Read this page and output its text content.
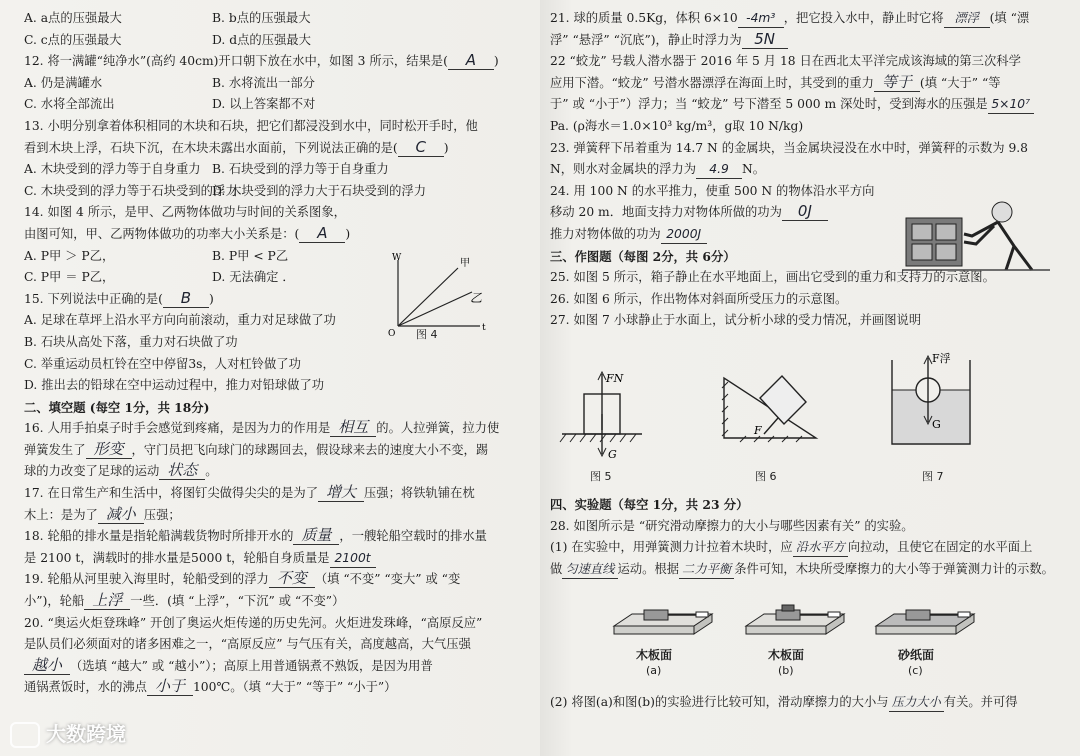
A. a点的压强最大	B. b点的压强最大
C. c点的压强最大	D. d点的压强最大
12. 将一满罐“纯净水”(高约 40cm)开口朝下放在水中，如图 3 所示，结果是( A )
A. 仍是满罐水	B. 水将流出一部分
C. 水将全部流出	D. 以上答案都不对
13. 小明分别拿着体积相同的木块和石块，把它们都浸没到水中，同时松开手时，他
看到木块上浮，石块下沉，在木块未露出水面前，下列说法正确的是( C )
A. 木块受到的浮力等于自身重力 B. 石块受到的浮力等于自身重力
C. 木块受到的浮力等于石块受到的浮力
D. 木块受到的浮力大于石块受到的浮力
14. 如图 4 所示，是甲、乙两物体做功与时间的关系图象，
由图可知，甲、乙两物体做功的功率大小关系是：( A )
A. P甲 ＞ P乙，	B. P甲 < P乙
C. P甲 ＝ P乙，	D. 无法确定 ．
15. 下列说法中正确的是( B )
A. 足球在草坪上沿水平方向向前滚动，重力对足球做了功
B. 石块从高处下落，重力对石块做了功
C. 举重运动员杠铃在空中停留3s，人对杠铃做了功
D. 推出去的铅球在空中运动过程中，推力对铅球做了功
二、填空题 (每空 1分，共 18分)
16. 人用手拍桌子时手会感觉到疼痛，是因为力的作用是 相互 的。人拉弹簧，拉力使
弹簧发生了 形变 ，守门员把飞向球门的球踢回去，假设球来去的速度大小不变，踢
球的力改变了足球的运动 状态 。
17. 在日常生产和生活中，将图钉尖做得尖尖的是为了 增大 压强；将铁轨铺在枕
木上：是为了 减小 压强；
18. 轮船的排水量是指轮船满载货物时所排开水的 质量 ，一艘轮船空载时的排水量
是 2100 t，满载时的排水量是5000 t，轮船自身质量是 2100t
19. 轮船从河里驶入海里时，轮船受到的浮力 不变 （填 “不变” “变大” 或 “变
小”)，轮船 上浮 一些．(填 “上浮”，“下沉” 或 “不变”）
20. “奥运火炬登珠峰” 开创了奥运火炬传递的历史先河。火炬进发珠峰，“高原反应”
是队员们必须面对的诸多困难之一，“高原反应” 与气压有关，高度越高，大气压强
越小 （选填 “越大” 或 “越小”）；高原上用普通锅煮不熟饭，是因为用普
通锅煮饭时，水的沸点 小于 100℃。（填 “大于” “等于” “小于”）
W
t
O
甲
乙
图 4
大数跨境
21. 球的质量 0.5Kg，体积 6×10 -4m³ ，把它投入水中，静止时它将 漂浮 (填 “漂
浮” “悬浮” “沉底”)，静止时浮力为 5N
22 “蛟龙” 号载人潜水器于 2016 年 5 月 18 日在西北太平洋完成该海域的第三次科学
应用下潜。“蛟龙” 号潜水器漂浮在海面上时，其受到的重力 等于 (填 “大于” “等
于” 或 “小于”）浮力；当 “蛟龙” 号下潜至 5 000 m 深处时，受到海水的压强是 5×10⁷
Pa. (ρ海水＝1.0×10³ kg/m³，g取 10 N/kg)
23. 弹簧秤下吊着重为 14.7 N 的金属块，当金属块浸没在水中时，弹簧秤的示数为 9.8
N，则水对金属块的浮力为 4.9 N。
24. 用 100 N 的水平推力，使重 500 N 的物体沿水平方向
移动 20 m．地面支持力对物体所做的功为 0J
推力对物体做的功为 2000J
三、作图题（每图 2分，共 6分）
25. 如图 5 所示，箱子静止在水平地面上，画出它受到的重力和支持力的示意图。
26. 如图 6 所示，作出物体对斜面所受压力的示意图。
27. 如图 7 小球静止于水面上，试分析小球的受力情况，并画图说明
FN
G
图 5
F
图 6
F浮
G
图 7
四、实验题（每空 1分，共 23 分）
28. 如图所示是 “研究滑动摩擦力的大小与哪些因素有关” 的实验。
(1) 在实验中，用弹簧测力计拉着木块时，应 沿水平方 向拉动，且使它在固定的水平面上
做 匀速直线 运动。根据 二力平衡 条件可知，木块所受摩擦力的大小等于弹簧测力计的示数。
木板面
(a)
木板面
(b)
砂纸面
(c)
(2) 将图(a)和图(b)的实验进行比较可知，滑动摩擦力的大小与 压力大小 有关。并可得
